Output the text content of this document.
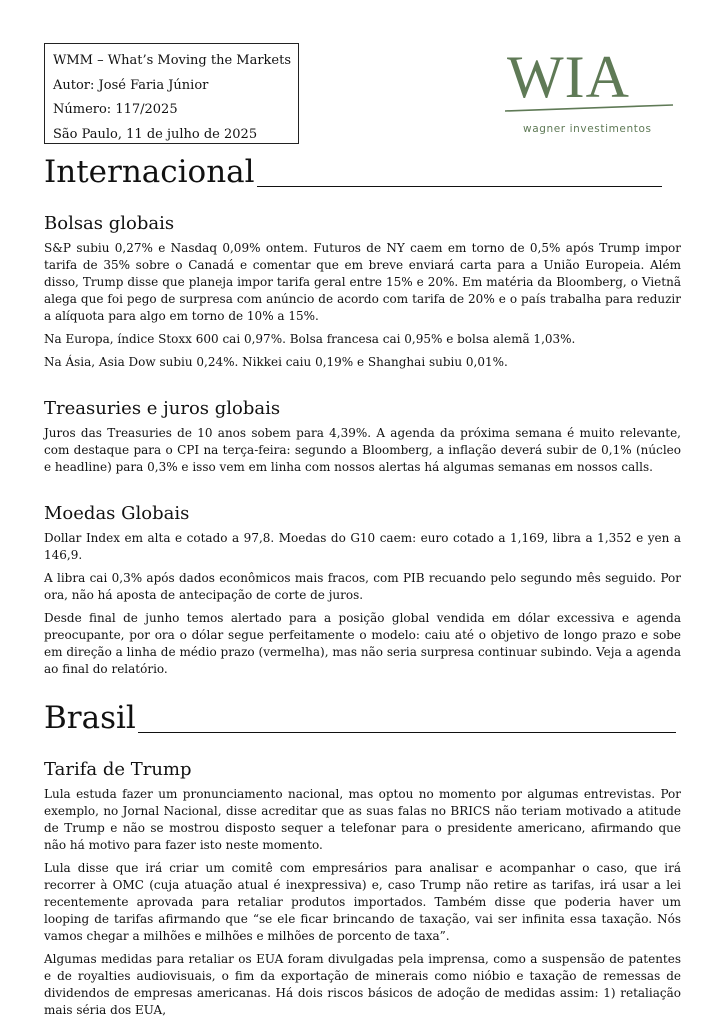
WMM – What’s Moving the Markets
Autor: José Faria Júnior
Número: 117/2025
São Paulo, 11 de julho de 2025
WIA
wagner investimentos
Internacional
Bolsas globais

S&P subiu 0,27% e Nasdaq 0,09% ontem. Futuros de NY caem em torno de 0,5% após Trump impor tarifa de 35% sobre o Canadá e comentar que em breve enviará carta para a União Europeia. Além disso, Trump disse que planeja impor tarifa geral entre 15% e 20%. Em matéria da Bloomberg, o Vietnã alega que foi pego de surpresa com anúncio de acordo com tarifa de 20% e o país trabalha para reduzir a alíquota para algo em torno de 10% a 15%.

Na Europa, índice Stoxx 600 cai 0,97%. Bolsa francesa cai 0,95% e bolsa alemã 1,03%.

Na Ásia, Asia Dow subiu 0,24%. Nikkei caiu 0,19% e Shanghai subiu 0,01%.

Treasuries e juros globais

Juros das Treasuries de 10 anos sobem para 4,39%. A agenda da próxima semana é muito relevante, com destaque para o CPI na terça-feira: segundo a Bloomberg, a inflação deverá subir de 0,1% (núcleo e headline) para 0,3% e isso vem em linha com nossos alertas há algumas semanas em nossos calls.

Moedas Globais

Dollar Index em alta e cotado a 97,8. Moedas do G10 caem: euro cotado a 1,169, libra a 1,352 e yen a 146,9.

A libra cai 0,3% após dados econômicos mais fracos, com PIB recuando pelo segundo mês seguido. Por ora, não há aposta de antecipação de corte de juros.

Desde final de junho temos alertado para a posição global vendida em dólar excessiva e agenda preocupante, por ora o dólar segue perfeitamente o modelo: caiu até o objetivo de longo prazo e sobe em direção a linha de médio prazo (vermelha), mas não seria surpresa continuar subindo. Veja a agenda ao final do relatório.

Brasil
Tarifa de Trump

Lula estuda fazer um pronunciamento nacional, mas optou no momento por algumas entrevistas. Por exemplo, no Jornal Nacional, disse acreditar que as suas falas no BRICS não teriam motivado a atitude de Trump e não se mostrou disposto sequer a telefonar para o presidente americano, afirmando que não há motivo para fazer isto neste momento.

Lula disse que irá criar um comitê com empresários para analisar e acompanhar o caso, que irá recorrer à OMC (cuja atuação atual é inexpressiva) e, caso Trump não retire as tarifas, irá usar a lei recentemente aprovada para retaliar produtos importados. Também disse que poderia haver um looping de tarifas afirmando que “se ele ficar brincando de taxação, vai ser infinita essa taxação. Nós vamos chegar a milhões e milhões e milhões de porcento de taxa”.

Algumas medidas para retaliar os EUA foram divulgadas pela imprensa, como a suspensão de patentes e de royalties audiovisuais, o fim da exportação de minerais como nióbio e taxação de remessas de dividendos de empresas americanas. Há dois riscos básicos de adoção de medidas assim: 1) retaliação mais séria dos EUA,
